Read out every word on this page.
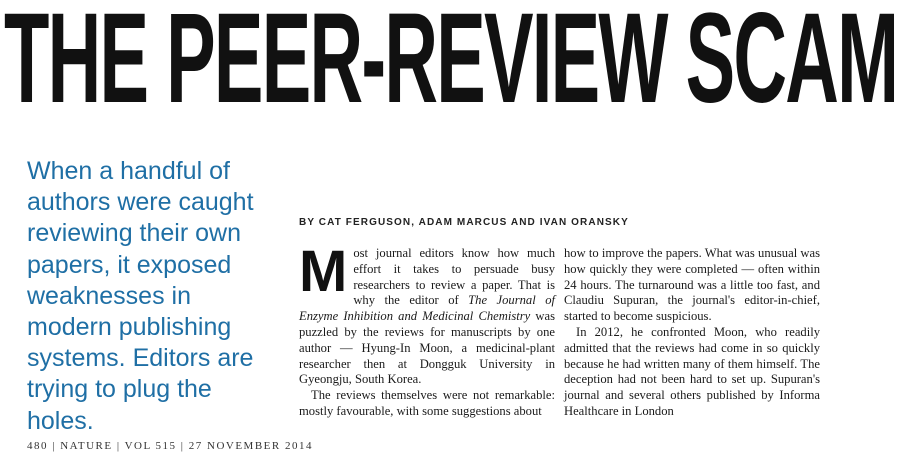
THE PEER-REVIEW SCAM
When a handful of authors were caught reviewing their own papers, it exposed weaknesses in modern publishing systems. Editors are trying to plug the holes.
BY CAT FERGUSON, ADAM MARCUS AND IVAN ORANSKY

Most journal editors know how much effort it takes to persuade busy researchers to review a paper. That is why the editor of The Journal of Enzyme Inhibition and Medicinal Chemistry was puzzled by the reviews for manuscripts by one author — Hyung-In Moon, a medicinal-plant researcher then at Dongguk University in Gyeongju, South Korea.

The reviews themselves were not remarkable: mostly favourable, with some suggestions about

how to improve the papers. What was unusual was how quickly they were completed — often within 24 hours. The turnaround was a little too fast, and Claudiu Supuran, the journal's editor-in-chief, started to become suspicious.

In 2012, he confronted Moon, who readily admitted that the reviews had come in so quickly because he had written many of them himself. The deception had not been hard to set up. Supuran's journal and several others published by Informa Healthcare in London

480 | NATURE | VOL 515 | 27 NOVEMBER 2014
